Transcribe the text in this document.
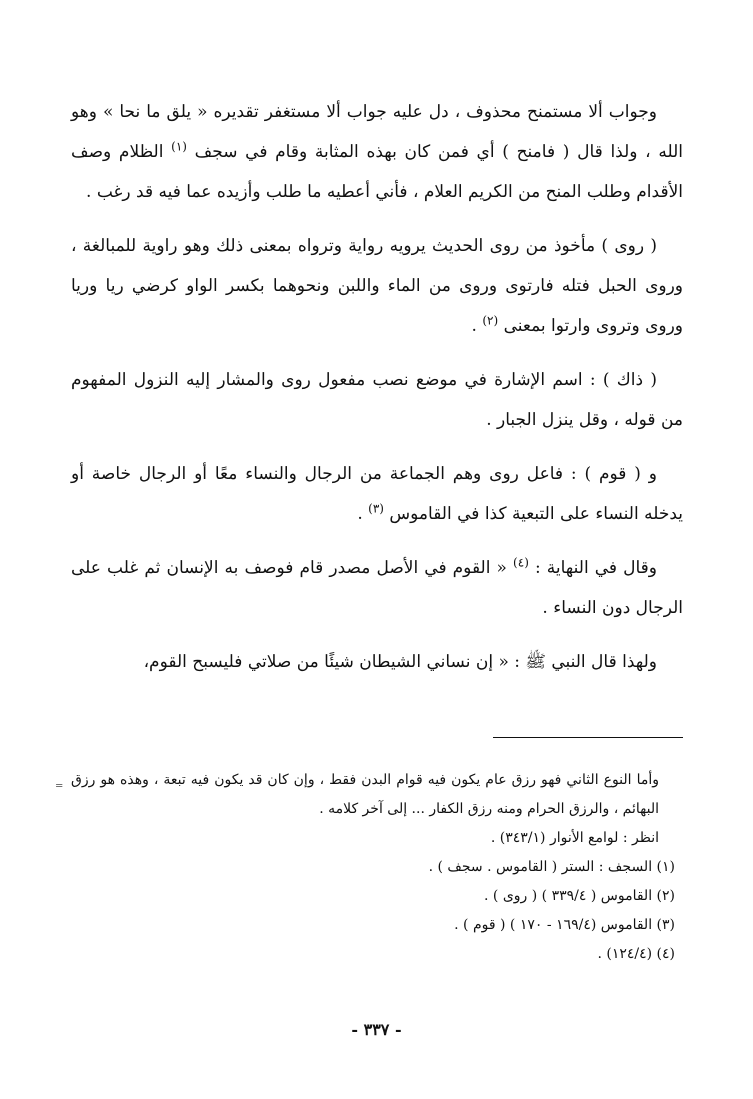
وجواب ألا مستمنح محذوف ، دل عليه جواب ألا مستغفر تقديره « يلق ما نحا » وهو الله ، ولذا قال ( فامنح ) أي فمن كان بهذه المثابة وقام في سجف $^{(١)}$ الظلام وصف الأقدام وطلب المنح من الكريم العلام ، فأني أعطيه ما طلب وأزيده عما فيه قد رغب .

( روى ) مأخوذ من روى الحديث يرويه رواية وترواه بمعنى ذلك وهو راوية للمبالغة ، وروى الحبل فتله فارتوى وروى من الماء واللبن ونحوهما بكسر الواو كرضي ريا وريا وروى وتروى وارتوا بمعنى $^{(٢)}$ .

( ذاك ) : اسم الإشارة في موضع نصب مفعول روى والمشار إليه النزول المفهوم من قوله ، وقل ينزل الجبار .

و ( قوم ) : فاعل روى وهم الجماعة من الرجال والنساء معًا أو الرجال خاصة أو يدخله النساء على التبعية كذا في القاموس $^{(٣)}$ .

وقال في النهاية : $^{(٤)}$ « القوم في الأصل مصدر قام فوصف به الإنسان ثم غلب على الرجال دون النساء .

ولهذا قال النبي ﷺ : « إن نساني الشيطان شيئًا من صلاتي فليسبح القوم،

= وأما النوع الثاني فهو رزق عام يكون فيه قوام البدن فقط ، وإن كان قد يكون فيه تبعة ، وهذه هو رزق البهائم ، والرزق الحرام ومنه رزق الكفار ... إلى آخر كلامه .

انظر : لوامع الأنوار (٣٤٣/١) .

(١) السجف : الستر ( القاموس . سجف ) .

(٢) القاموس ( ٣٣٩/٤ ) ( روى ) .

(٣) القاموس (١٦٩/٤ - ١٧٠ ) ( قوم ) .

(٤) (١٢٤/٤) .

- ٣٣٧ -
